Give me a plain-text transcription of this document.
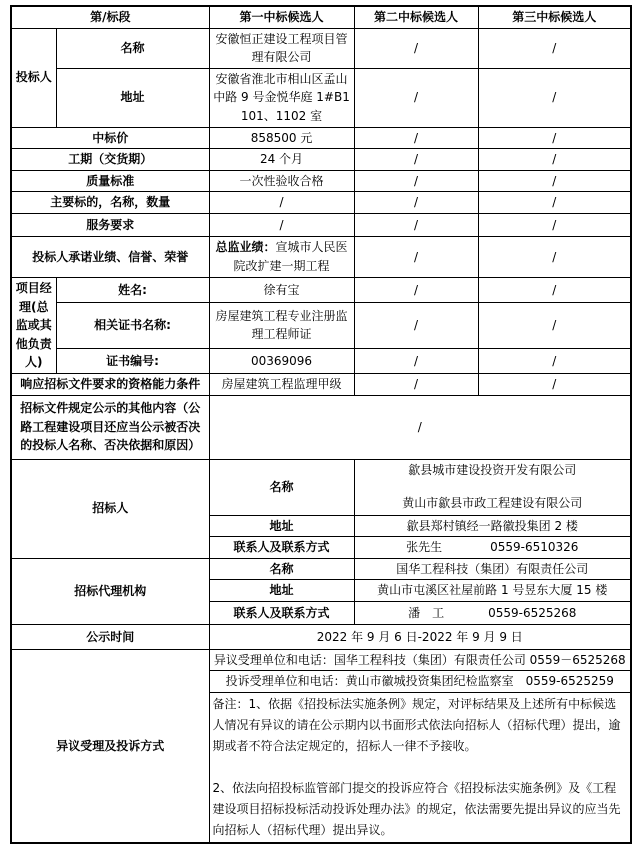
第/标段		第一中标候选人	第二中标候选人	第三中标候选人
投标人	名称	安徽恒正建设工程项目管理有限公司	/	/
	地址	安徽省淮北市相山区孟山中路 9 号金悦华庭 1#B1101、1102 室	/	/
中标价		858500 元	/	/
工期（交货期）		24 个月	/	/
质量标准		一次性验收合格	/	/
主要标的，名称，数量		/	/	/
服务要求		/	/	/
投标人承诺业绩、信誉、荣誉		总监业绩：宣城市人民医院改扩建一期工程	/	/
项目经理(总监或其他负责人)	姓名:	徐有宝	/	/
	相关证书名称:	房屋建筑工程专业注册监理工程师证	/	/
	证书编号:	00369096	/	/
响应招标文件要求的资格能力条件		房屋建筑工程监理甲级	/	/
招标文件规定公示的其他内容（公路工程建设项目还应当公示被否决的投标人名称、否决依据和原因）		/		
招标人		名称	歙县城市建设投资开发有限公司
黄山市歙县市政工程建设有限公司	

		地址	歙县郑村镇经一路徽投集团 2 楼	
		联系人及联系方式	张先生 0559-6510326	
招标代理机构		名称	国华工程科技（集团）有限责任公司	
		地址	黄山市屯溪区社屋前路 1 号昱东大厦 15 楼	
		联系人及联系方式	潘　工 0559-6525268	
公示时间		2022 年 9 月 6 日-2022 年 9 月 9 日		
异议受理及投诉方式		异议受理单位和电话：国华工程科技（集团）有限责任公司 0559－6525268		
		投诉受理单位和电话：黄山市徽城投资集团纪检监察室　0559-6525259		

		备注：1、依据《招投标法实施条例》规定，对评标结果及上述所有中标候选人情况有异议的请在公示期内以书面形式依法向招标人（招标代理）提出，逾期或者不符合法定规定的，招标人一律不予接收。

2、依法向招投标监管部门提交的投诉应符合《招投标法实施条例》及《工程建设项目招标投标活动投诉处理办法》的规定，依法需要先提出异议的应当先向招标人（招标代理）提出异议。		
